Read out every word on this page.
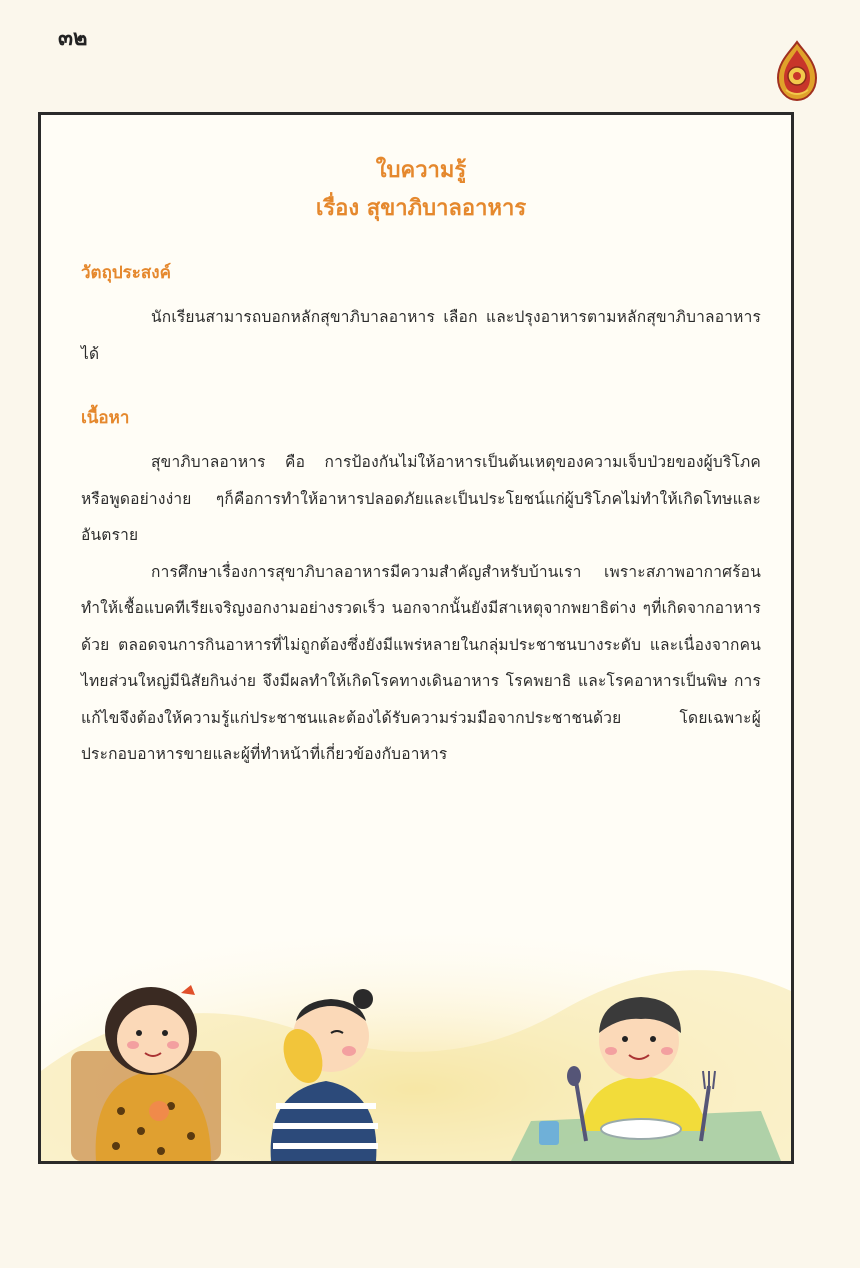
๓๒
ใบความรู้
เรื่อง สุขาภิบาลอาหาร
วัตถุประสงค์

นักเรียนสามารถบอกหลักสุขาภิบาลอาหาร เลือก และปรุงอาหารตามหลักสุขาภิบาลอาหารได้

เนื้อหา

สุขาภิบาลอาหาร คือ การป้องกันไม่ให้อาหารเป็นต้นเหตุของความเจ็บป่วยของผู้บริโภค หรือพูดอย่างง่าย ๆก็คือการทำให้อาหารปลอดภัยและเป็นประโยชน์แก่ผู้บริโภคไม่ทำให้เกิดโทษและอันตราย

การศึกษาเรื่องการสุขาภิบาลอาหารมีความสำคัญสำหรับบ้านเรา เพราะสภาพอากาศร้อนทำให้เชื้อแบคทีเรียเจริญงอกงามอย่างรวดเร็ว นอกจากนั้นยังมีสาเหตุจากพยาธิต่าง ๆที่เกิดจากอาหารด้วย ตลอดจนการกินอาหารที่ไม่ถูกต้องซึ่งยังมีแพร่หลายในกลุ่มประชาชนบางระดับ และเนื่องจากคนไทยส่วนใหญ่มีนิสัยกินง่าย จึงมีผลทำให้เกิดโรคทางเดินอาหาร โรคพยาธิ และโรคอาหารเป็นพิษ การแก้ไขจึงต้องให้ความรู้แก่ประชาชนและต้องได้รับความร่วมมือจากประชาชนด้วย โดยเฉพาะผู้ประกอบอาหารขายและผู้ที่ทำหน้าที่เกี่ยวข้องกับอาหาร
